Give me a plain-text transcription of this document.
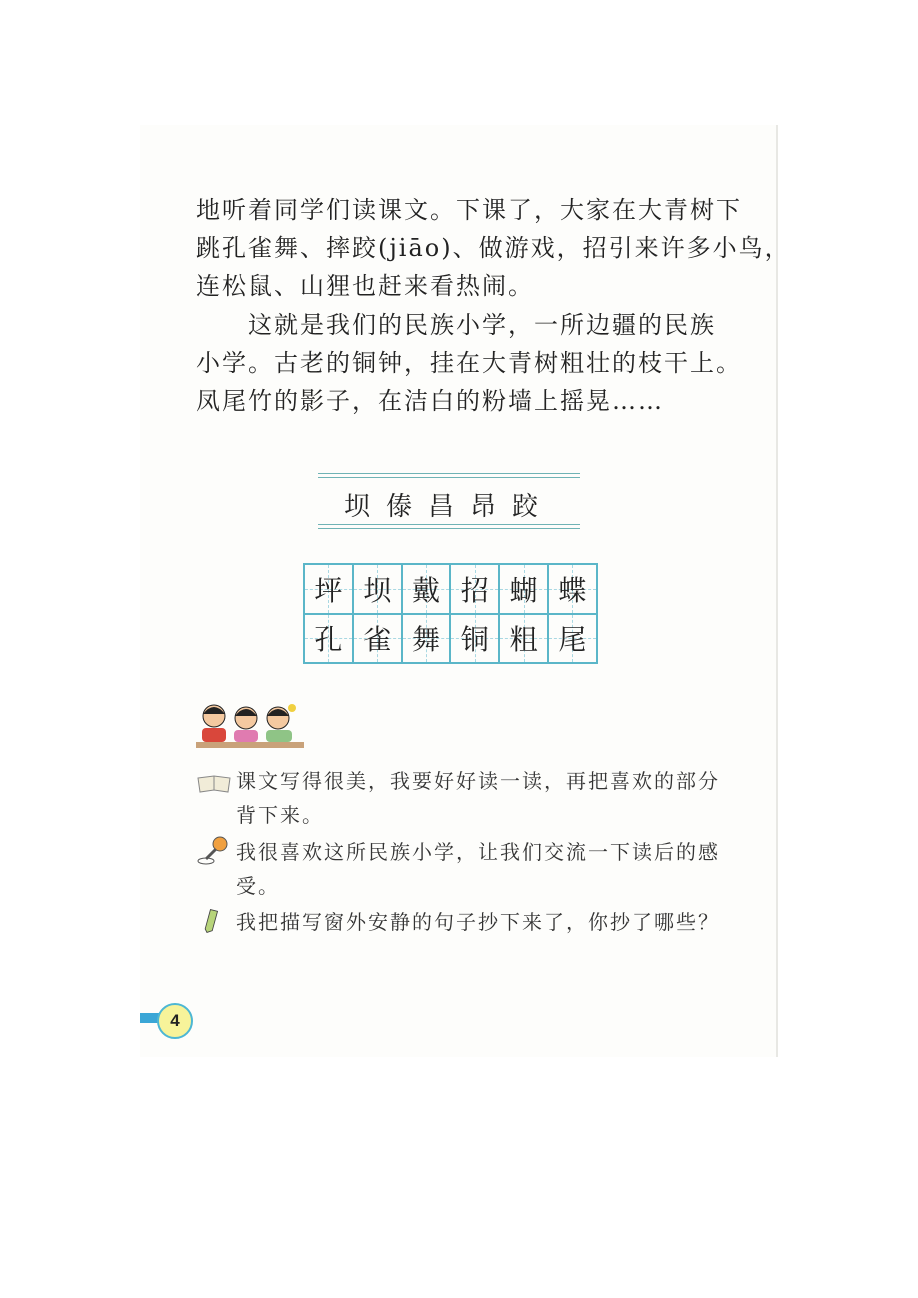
地听着同学们读课文。下课了，大家在大青树下
跳孔雀舞、摔跤(jiāo)、做游戏，招引来许多小鸟，
连松鼠、山狸也赶来看热闹。
　　这就是我们的民族小学，一所边疆的民族
小学。古老的铜钟，挂在大青树粗壮的枝干上。
凤尾竹的影子，在洁白的粉墙上摇晃……
坝傣昌昂跤
坪 坝 戴 招 蝴 蝶
孔 雀 舞 铜 粗 尾
课文写得很美，我要好好读一读，再把喜欢的部分
背下来。
我很喜欢这所民族小学，让我们交流一下读后的感
受。
我把描写窗外安静的句子抄下来了，你抄了哪些？
4
